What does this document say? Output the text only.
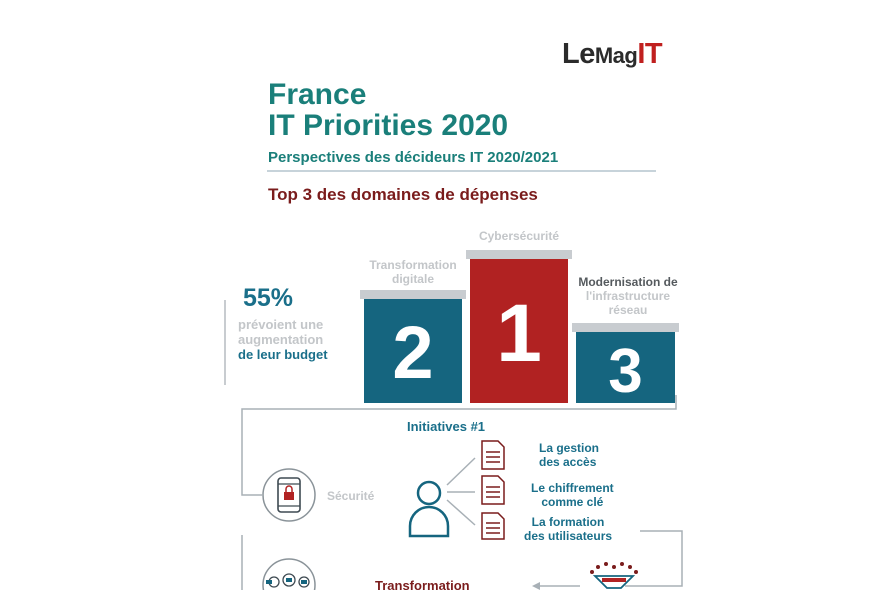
LeMagIT
France
IT Priorities 2020
Perspectives des décideurs IT 2020/2021
Top 3 des domaines de dépenses
2 1	3
Cybersécurité
Transformation
digitale	Modernisation de
l'infrastructure
réseau
55%
prévoient une
augmentation
de leur budget
Initiatives #1
La gestion
des accès
Le chiffrement
comme clé
La formation
des utilisateurs
Sécurité
Transformation
